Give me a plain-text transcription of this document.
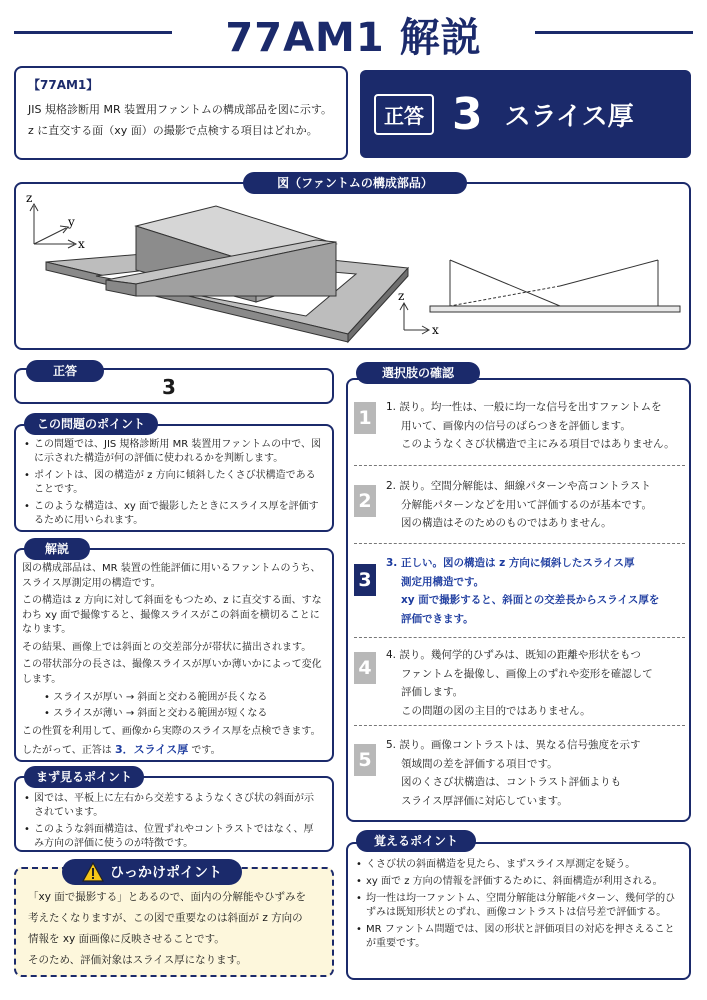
77AM1 解説
【77AM1】
JIS 規格診断用 MR 装置用ファントムの構成部品を図に示す。
z に直交する面（xy 面）の撮影で点検する項目はどれか。
正答 3 スライス厚
z
y
x
z
x
図（ファントムの構成部品）
3
正答
• この問題では、JIS 規格診断用 MR 装置用ファントムの中で、図に示された構造が何の評価に使われるかを判断します。
• ポイントは、図の構造が z 方向に傾斜したくさび状構造であることです。
• このような構造は、xy 面で撮影したときにスライス厚を評価するために用いられます。
この問題のポイント
図の構成部品は、MR 装置の性能評価に用いるファントムのうち、スライス厚測定用の構造です。
この構造は z 方向に対して斜面をもつため、z に直交する面、すなわち xy 面で撮像すると、撮像スライスがこの斜面を横切ることになります。
その結果、画像上では斜面との交差部分が帯状に描出されます。
この帯状部分の長さは、撮像スライスが厚いか薄いかによって変化します。
• スライスが厚い → 斜面と交わる範囲が長くなる
• スライスが薄い → 斜面と交わる範囲が短くなる
この性質を利用して、画像から実際のスライス厚を点検できます。
したがって、正答は 3．スライス厚 です。
解説
• 図では、平板上に左右から交差するようなくさび状の斜面が示されています。
• このような斜面構造は、位置ずれやコントラストではなく、厚み方向の評価に使うのが特徴です。
まず見るポイント
「xy 面で撮影する」とあるので、面内の分解能やひずみを
考えたくなりますが、この図で重要なのは斜面が z 方向の
情報を xy 面画像に反映させることです。
そのため、評価対象はスライス厚になります。
ひっかけポイント
選択肢の確認
1	1. 誤り。均一性は、一般に均一な信号を出すファントムを
用いて、画像内の信号のばらつきを評価します。
このようなくさび状構造で主にみる項目ではありません。
2
2. 誤り。空間分解能は、細線パターンや高コントラスト
分解能パターンなどを用いて評価するのが基本です。
図の構造はそのためのものではありません。
3
3. 正しい。図の構造は z 方向に傾斜したスライス厚
測定用構造です。
xy 面で撮影すると、斜面との交差長からスライス厚を
評価できます。
4
4. 誤り。幾何学的ひずみは、既知の距離や形状をもつ
ファントムを撮像し、画像上のずれや変形を確認して
評価します。
この問題の図の主目的ではありません。
5
5. 誤り。画像コントラストは、異なる信号強度を示す
領域間の差を評価する項目です。
図のくさび状構造は、コントラスト評価よりも
スライス厚評価に対応しています。
• くさび状の斜面構造を見たら、まずスライス厚測定を疑う。
• xy 面で z 方向の情報を評価するために、斜面構造が利用される。
• 均一性は均一ファントム、空間分解能は分解能パターン、幾何学的ひずみは既知形状とのずれ、画像コントラストは信号差で評価する。
• MR ファントム問題では、図の形状と評価項目の対応を押さえることが重要です。
覚えるポイント
